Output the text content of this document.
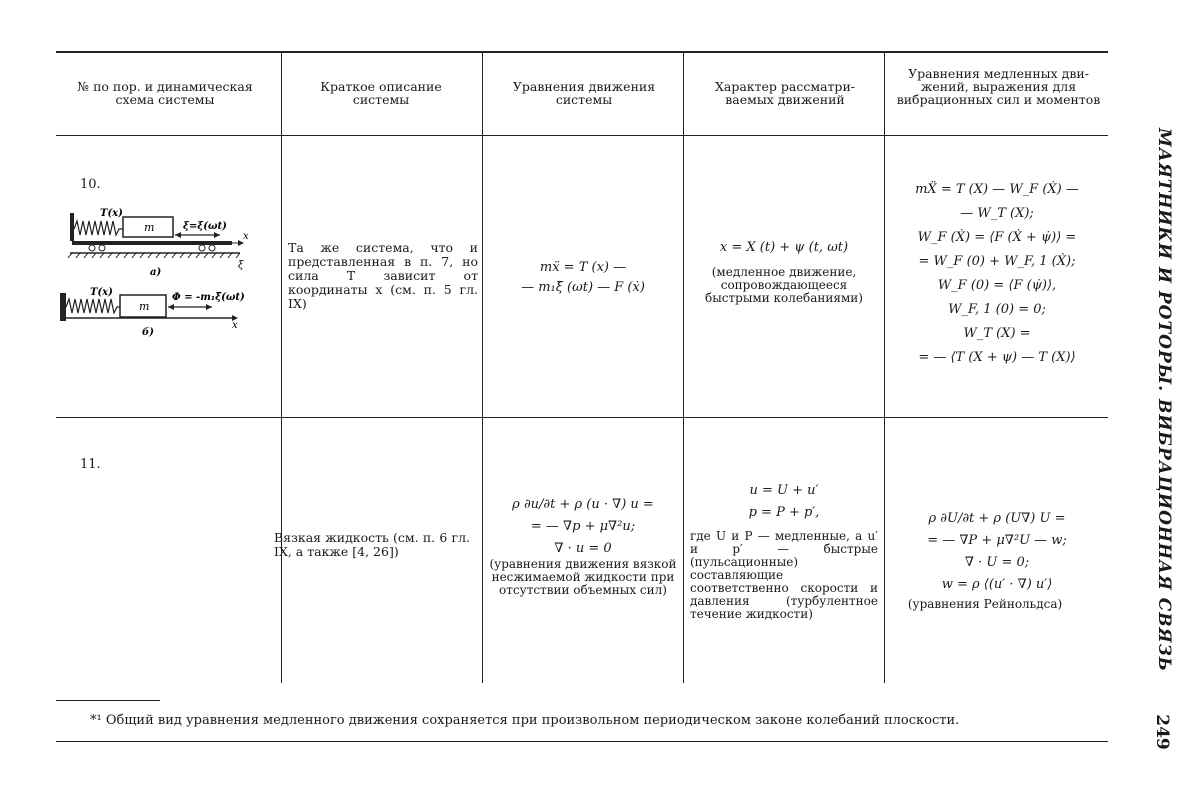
№ по пор. и динамическая схема системы
Краткое описание системы
Уравнения движения системы
Характер рассматри- ваемых движений
Уравнения медленных дви- жений, выражения для вибрационных сил и моментов
10.
m
T(x)
ξ=ξ(ωt)
x
ξ
а)
m
T(x)	Φ = -m₁ξ̈(ωt)
x
б)
Та же система, что и представленная в п. 7, но сила T зависит от координаты x (см. п. 5 гл. IX)
mẍ = T (x) —
— m₁ξ̈ (ωt) — F (ẋ)
x = X (t) + ψ (t, ωt)
(медленное движение, сопровождающееся быстрыми колебаниями)
mẌ = T (X) — W_F (Ẋ) —
— W_T (X);
W_F (Ẋ) = ⟨F (Ẋ + ψ̇)⟩ =
= W_F (0) + W_F, 1 (Ẋ);
W_F (0) = ⟨F (ψ̇)⟩,
W_F, 1 (0) = 0;
W_T (X) =
= — ⟨T (X + ψ) — T (X)⟩
11.
Вязкая жидкость (см. п. 6 гл. IX, а также [4, 26])
ρ ∂u/∂t + ρ (u · ∇) u =
= — ∇p + μ∇²u;
∇ · u = 0
(уравнения движения вязкой несжимаемой жидкости при отсутствии объемных сил)
u = U + u′
p = P + p′,
где U и P — медленные, а u′ и p′ — быстрые (пульсационные) составляющие соответственно скорости и давления (турбулентное течение жидкости)
ρ ∂U/∂t + ρ (U∇) U =
= — ∇P + μ∇²U — w;
∇ · U = 0;
w = ρ ⟨(u′ · ∇) u′⟩
(уравнения Рейнольдса)	МАЯТНИКИ И РОТОРЫ. ВИБРАЦИОННАЯ СВЯЗЬ
249
*¹ Общий вид уравнения медленного движения сохраняется при произвольном периодическом законе колебаний плоскости.
